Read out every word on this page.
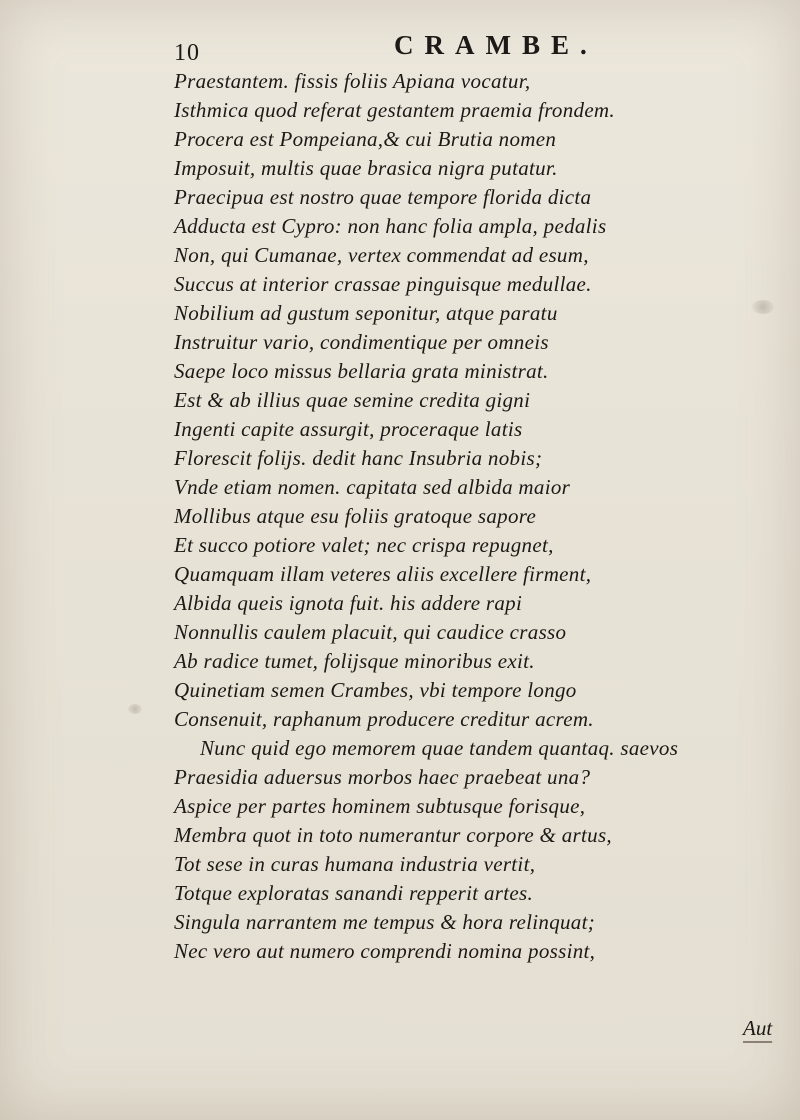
10	CRAMBE.
Praestantem. fissis foliis Apiana vocatur,
Isthmica quod referat gestantem praemia frondem.
Procera est Pompeiana,& cui Brutia nomen
Imposuit, multis quae brasica nigra putatur.
Praecipua est nostro quae tempore florida dicta
Adducta est Cypro: non hanc folia ampla, pedalis
Non, qui Cumanae, vertex commendat ad esum,
Succus at interior crassae pinguisque medullae.
Nobilium ad gustum seponitur, atque paratu
Instruitur vario, condimentique per omneis
Saepe loco missus bellaria grata ministrat.
Est & ab illius quae semine credita gigni
Ingenti capite assurgit, proceraque latis
Florescit folijs. dedit hanc Insubria nobis;
Vnde etiam nomen. capitata sed albida maior
Mollibus atque esu foliis gratoque sapore
Et succo potiore valet; nec crispa repugnet,
Quamquam illam veteres aliis excellere firment,
Albida queis ignota fuit. his addere rapi
Nonnullis caulem placuit, qui caudice crasso
Ab radice tumet, folijsque minoribus exit.
Quinetiam semen Crambes, vbi tempore longo
Consenuit, raphanum producere creditur acrem.
Nunc quid ego memorem quae tandem quantaq. saevos
Praesidia aduersus morbos haec praebeat una?
Aspice per partes hominem subtusque forisque,
Membra quot in toto numerantur corpore & artus,
Tot sese in curas humana industria vertit,
Totque exploratas sanandi repperit artes.
Singula narrantem me tempus & hora relinquat;
Nec vero aut numero comprendi nomina possint,
Aut
